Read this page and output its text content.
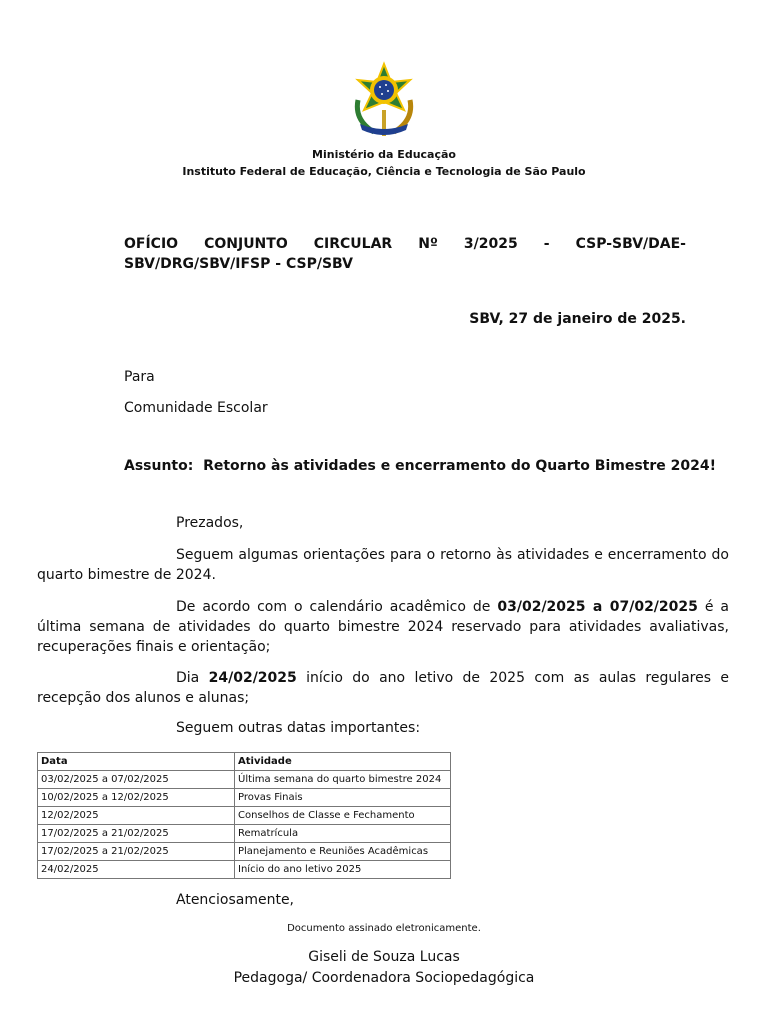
Ministério da Educação
Instituto Federal de Educação, Ciência e Tecnologia de São Paulo
OFÍCIO CONJUNTO CIRCULAR Nº 3/2025 - CSP-SBV/DAE-SBV/DRG/SBV/IFSP - CSP/SBV
SBV, 27 de janeiro de 2025.
Para
Comunidade Escolar
Assunto: Retorno às atividades e encerramento do Quarto Bimestre 2024!
Prezados,
Seguem algumas orientações para o retorno às atividades e encerramento do quarto bimestre de 2024.
De acordo com o calendário acadêmico de 03/02/2025 a 07/02/2025 é a última semana de atividades do quarto bimestre 2024 reservado para atividades avaliativas, recuperações finais e orientação;
Dia 24/02/2025 início do ano letivo de 2025 com as aulas regulares e recepção dos alunos e alunas;
Seguem outras datas importantes:
Data	Atividade
03/02/2025 a 07/02/2025	Última semana do quarto bimestre 2024
10/02/2025 a 12/02/2025	Provas Finais
12/02/2025	Conselhos de Classe e Fechamento
17/02/2025 a 21/02/2025	Rematrícula
17/02/2025 a 21/02/2025	Planejamento e Reuniões Acadêmicas
24/02/2025	Início do ano letivo 2025
Atenciosamente,
Documento assinado eletronicamente.
Giseli de Souza Lucas
Pedagoga/ Coordenadora Sociopedagógica
